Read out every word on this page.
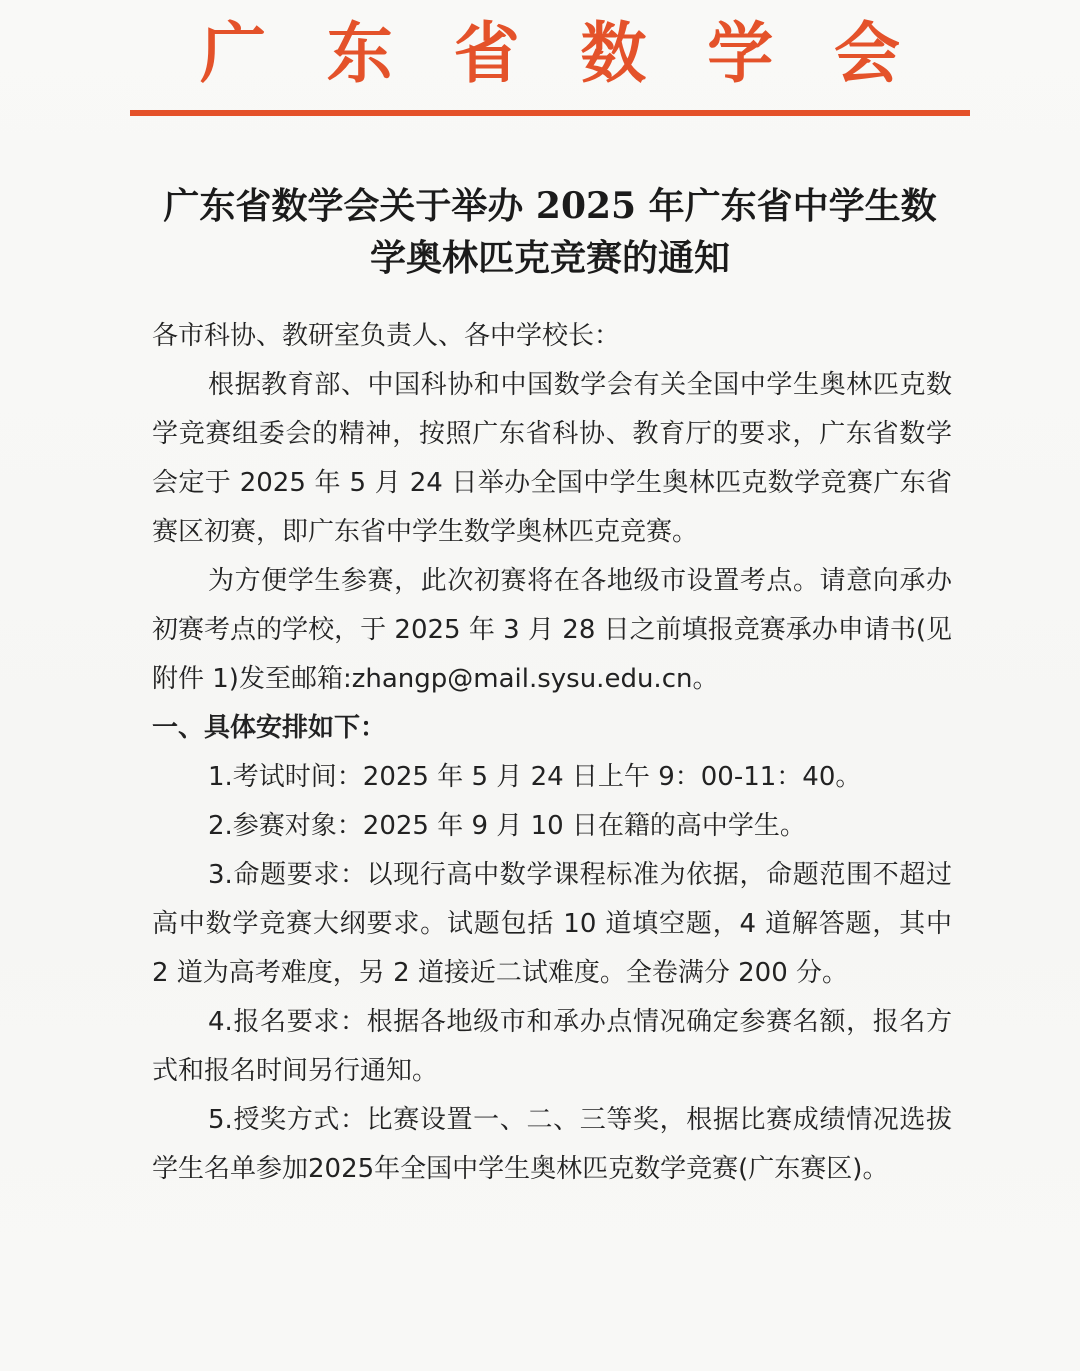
广 东 省 数 学 会
广东省数学会关于举办 2025 年广东省中学生数
学奥林匹克竞赛的通知

各市科协、教研室负责人、各中学校长：

根据教育部、中国科协和中国数学会有关全国中学生奥林匹克数学竞赛组委会的精神，按照广东省科协、教育厅的要求，广东省数学会定于 2025 年 5 月 24 日举办全国中学生奥林匹克数学竞赛广东省赛区初赛，即广东省中学生数学奥林匹克竞赛。

为方便学生参赛，此次初赛将在各地级市设置考点。请意向承办初赛考点的学校，于 2025 年 3 月 28 日之前填报竞赛承办申请书(见附件 1)发至邮箱:zhangp@mail.sysu.edu.cn。

一、具体安排如下：

1.考试时间：2025 年 5 月 24 日上午 9：00-11：40。

2.参赛对象：2025 年 9 月 10 日在籍的高中学生。

3.命题要求：以现行高中数学课程标准为依据，命题范围不超过高中数学竞赛大纲要求。试题包括 10 道填空题，4 道解答题，其中 2 道为高考难度，另 2 道接近二试难度。全卷满分 200 分。

4.报名要求：根据各地级市和承办点情况确定参赛名额，报名方式和报名时间另行通知。

5.授奖方式：比赛设置一、二、三等奖，根据比赛成绩情况选拔学生名单参加2025年全国中学生奥林匹克数学竞赛(广东赛区)。
